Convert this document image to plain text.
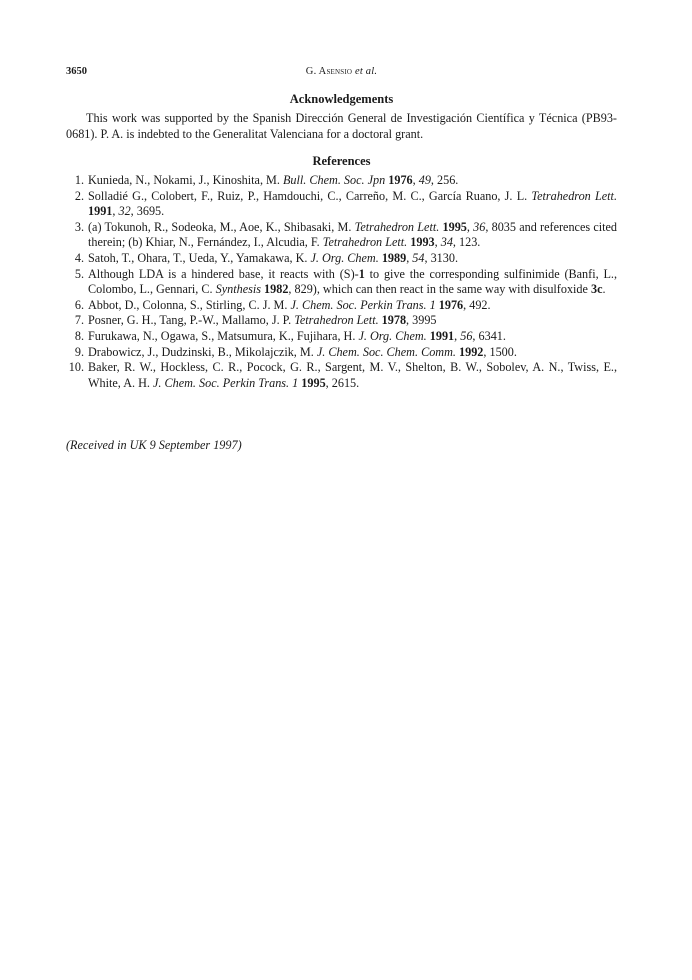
3650	G. Asensio et al.
Acknowledgements

This work was supported by the Spanish Dirección General de Investigación Científica y Técnica (PB93-0681). P. A. is indebted to the Generalitat Valenciana for a doctoral grant.

References
1. Kunieda, N., Nokami, J., Kinoshita, M. Bull. Chem. Soc. Jpn 1976, 49, 256.
2. Solladié G., Colobert, F., Ruiz, P., Hamdouchi, C., Carreño, M. C., García Ruano, J. L. Tetrahedron Lett. 1991, 32, 3695.
3. (a) Tokunoh, R., Sodeoka, M., Aoe, K., Shibasaki, M. Tetrahedron Lett. 1995, 36, 8035 and references cited therein; (b) Khiar, N., Fernández, I., Alcudia, F. Tetrahedron Lett. 1993, 34, 123.
4. Satoh, T., Ohara, T., Ueda, Y., Yamakawa, K. J. Org. Chem. 1989, 54, 3130.
5. Although LDA is a hindered base, it reacts with (S)-1 to give the corresponding sulfinimide (Banfi, L., Colombo, L., Gennari, C. Synthesis 1982, 829), which can then react in the same way with disulfoxide 3c.
6. Abbot, D., Colonna, S., Stirling, C. J. M. J. Chem. Soc. Perkin Trans. 1 1976, 492.
7. Posner, G. H., Tang, P.-W., Mallamo, J. P. Tetrahedron Lett. 1978, 3995
8. Furukawa, N., Ogawa, S., Matsumura, K., Fujihara, H. J. Org. Chem. 1991, 56, 6341.
9. Drabowicz, J., Dudzinski, B., Mikolajczik, M. J. Chem. Soc. Chem. Comm. 1992, 1500.
10. Baker, R. W., Hockless, C. R., Pocock, G. R., Sargent, M. V., Shelton, B. W., Sobolev, A. N., Twiss, E., White, A. H. J. Chem. Soc. Perkin Trans. 1 1995, 2615.

(Received in UK 9 September 1997)
